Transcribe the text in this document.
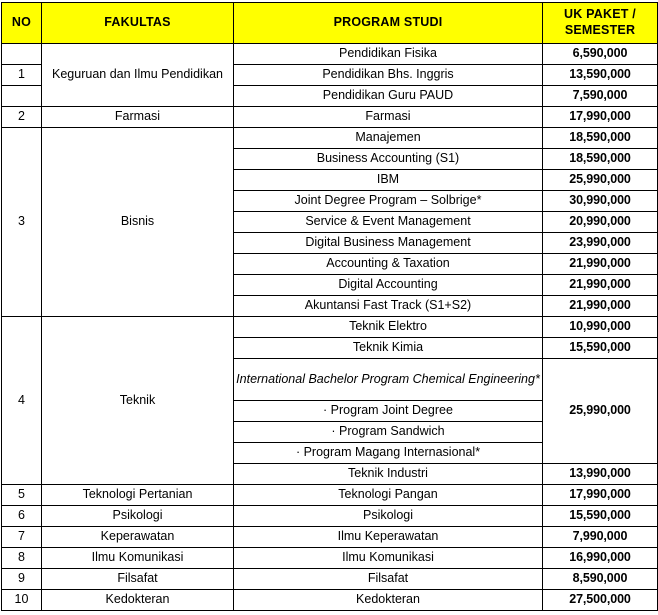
NO	FAKULTAS	PROGRAM STUDI	UK PAKET /
SEMESTER
	Keguruan dan Ilmu Pendidikan	Pendidikan Fisika	6,590,000
1		Pendidikan Bhs. Inggris	13,590,000
		Pendidikan Guru PAUD	7,590,000
2	Farmasi	Farmasi	17,990,000
3	Bisnis	Manajemen	18,590,000
		Business Accounting (S1)	18,590,000
		IBM	25,990,000
		Joint Degree Program – Solbrige*	30,990,000
		Service & Event Management	20,990,000
		Digital Business Management	23,990,000
		Accounting & Taxation	21,990,000
		Digital Accounting	21,990,000
		Akuntansi Fast Track (S1+S2)	21,990,000
4	Teknik	Teknik Elektro	10,990,000
		Teknik Kimia	15,590,000
		International Bachelor Program Chemical Engineering*	25,990,000
		· Program Joint Degree	
		· Program Sandwich	
		· Program Magang Internasional*	
		Teknik Industri	13,990,000
5	Teknologi Pertanian	Teknologi Pangan	17,990,000
6	Psikologi	Psikologi	15,590,000
7	Keperawatan	Ilmu Keperawatan	7,990,000
8	Ilmu Komunikasi	Ilmu Komunikasi	16,990,000
9	Filsafat	Filsafat	8,590,000
10	Kedokteran	Kedokteran	27,500,000
